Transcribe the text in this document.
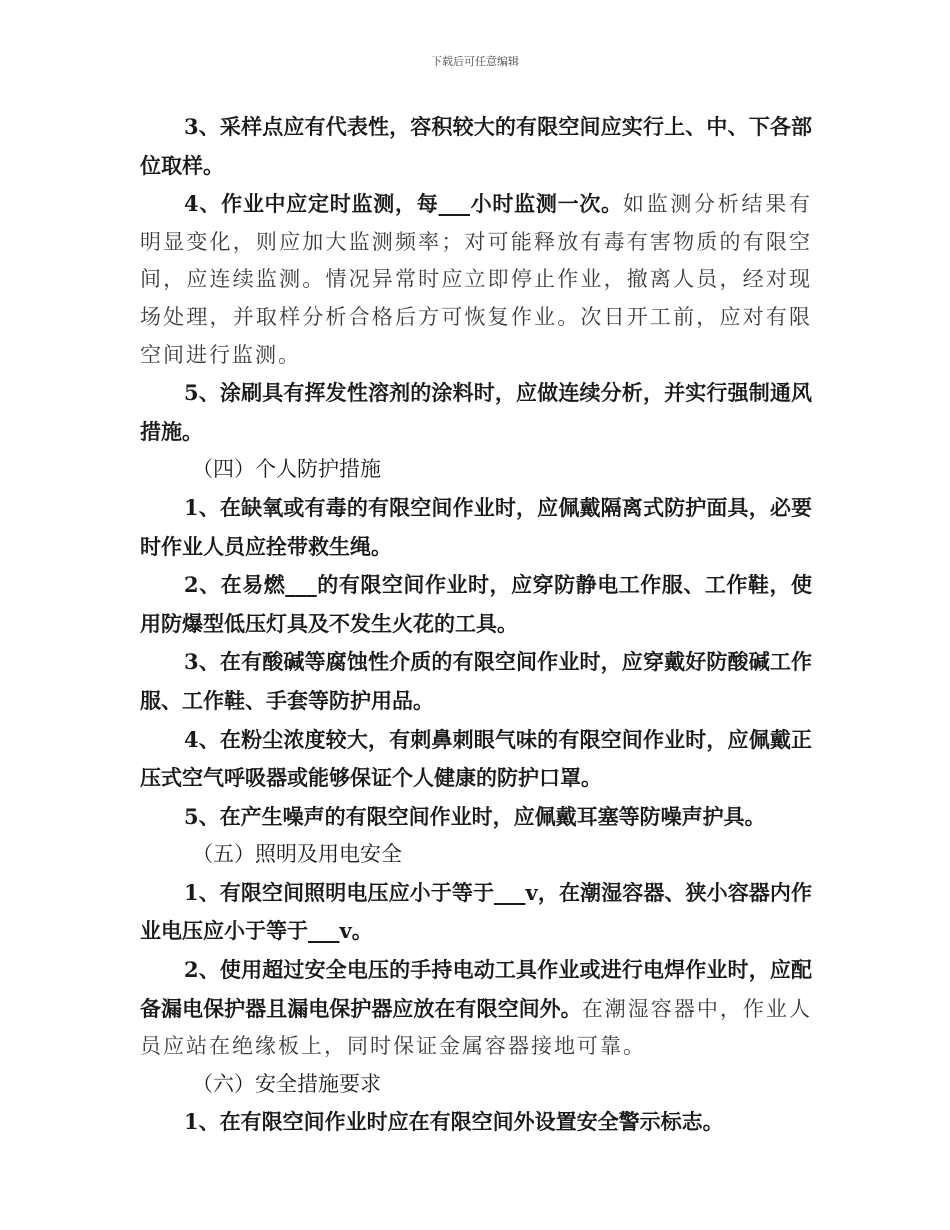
下载后可任意编辑

3、采样点应有代表性，容积较大的有限空间应实行上、中、下各部位取样。

4、作业中应定时监测，每___小时监测一次。如监测分析结果有明显变化，则应加大监测频率；对可能释放有毒有害物质的有限空间，应连续监测。情况异常时应立即停止作业，撤离人员，经对现场处理，并取样分析合格后方可恢复作业。次日开工前，应对有限空间进行监测。

5、涂刷具有挥发性溶剂的涂料时，应做连续分析，并实行强制通风措施。

（四）个人防护措施

1、在缺氧或有毒的有限空间作业时，应佩戴隔离式防护面具，必要时作业人员应拴带救生绳。

2、在易燃___的有限空间作业时，应穿防静电工作服、工作鞋，使用防爆型低压灯具及不发生火花的工具。

3、在有酸碱等腐蚀性介质的有限空间作业时，应穿戴好防酸碱工作服、工作鞋、手套等防护用品。

4、在粉尘浓度较大，有刺鼻刺眼气味的有限空间作业时，应佩戴正压式空气呼吸器或能够保证个人健康的防护口罩。

5、在产生噪声的有限空间作业时，应佩戴耳塞等防噪声护具。

（五）照明及用电安全

1、有限空间照明电压应小于等于___v，在潮湿容器、狭小容器内作业电压应小于等于___v。

2、使用超过安全电压的手持电动工具作业或进行电焊作业时，应配备漏电保护器且漏电保护器应放在有限空间外。在潮湿容器中，作业人员应站在绝缘板上，同时保证金属容器接地可靠。

（六）安全措施要求

1、在有限空间作业时应在有限空间外设置安全警示标志。
